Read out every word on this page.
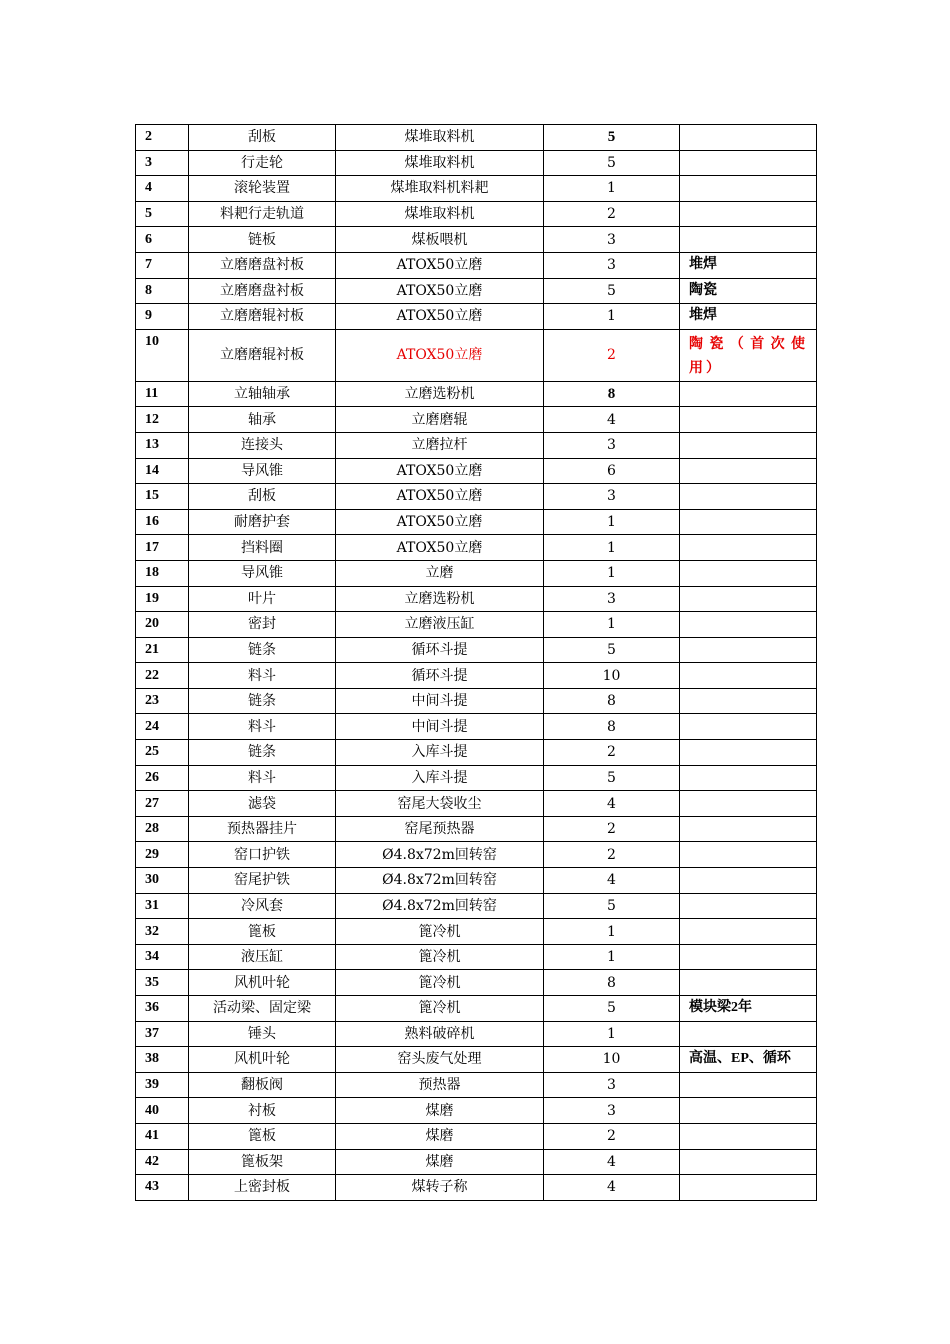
2	刮板	煤堆取料机	5	
3	行走轮	煤堆取料机	5	
4	滚轮装置	煤堆取料机料耙	1	
5	料耙行走轨道	煤堆取料机	2	
6	链板	煤板喂机	3	
7	立磨磨盘衬板	ATOX50立磨	3	堆焊
8	立磨磨盘衬板	ATOX50立磨	5	陶瓷
9	立磨磨辊衬板	ATOX50立磨	1	堆焊
10	立磨磨辊衬板	ATOX50立磨	2	陶瓷（首次使用）
11	立轴轴承	立磨选粉机	8	
12	轴承	立磨磨辊	4	
13	连接头	立磨拉杆	3	
14	导风锥	ATOX50立磨	6	
15	刮板	ATOX50立磨	3	
16	耐磨护套	ATOX50立磨	1	
17	挡料圈	ATOX50立磨	1	
18	导风锥	立磨	1	
19	叶片	立磨选粉机	3	
20	密封	立磨液压缸	1	
21	链条	循环斗提	5	
22	料斗	循环斗提	10	
23	链条	中间斗提	8	
24	料斗	中间斗提	8	
25	链条	入库斗提	2	
26	料斗	入库斗提	5	
27	滤袋	窑尾大袋收尘	4	
28	预热器挂片	窑尾预热器	2	
29	窑口护铁	Ø4.8x72m回转窑	2	
30	窑尾护铁	Ø4.8x72m回转窑	4	
31	冷风套	Ø4.8x72m回转窑	5	
32	篦板	篦冷机	1	
34	液压缸	篦冷机	1	
35	风机叶轮	篦冷机	8	
36	活动梁、固定梁	篦冷机	5	模块梁2年
37	锤头	熟料破碎机	1	
38	风机叶轮	窑头废气处理	10	高温、EP、循环
39	翻板阀	预热器	3	
40	衬板	煤磨	3	
41	篦板	煤磨	2	
42	篦板架	煤磨	4	
43	上密封板	煤转子称	4	
